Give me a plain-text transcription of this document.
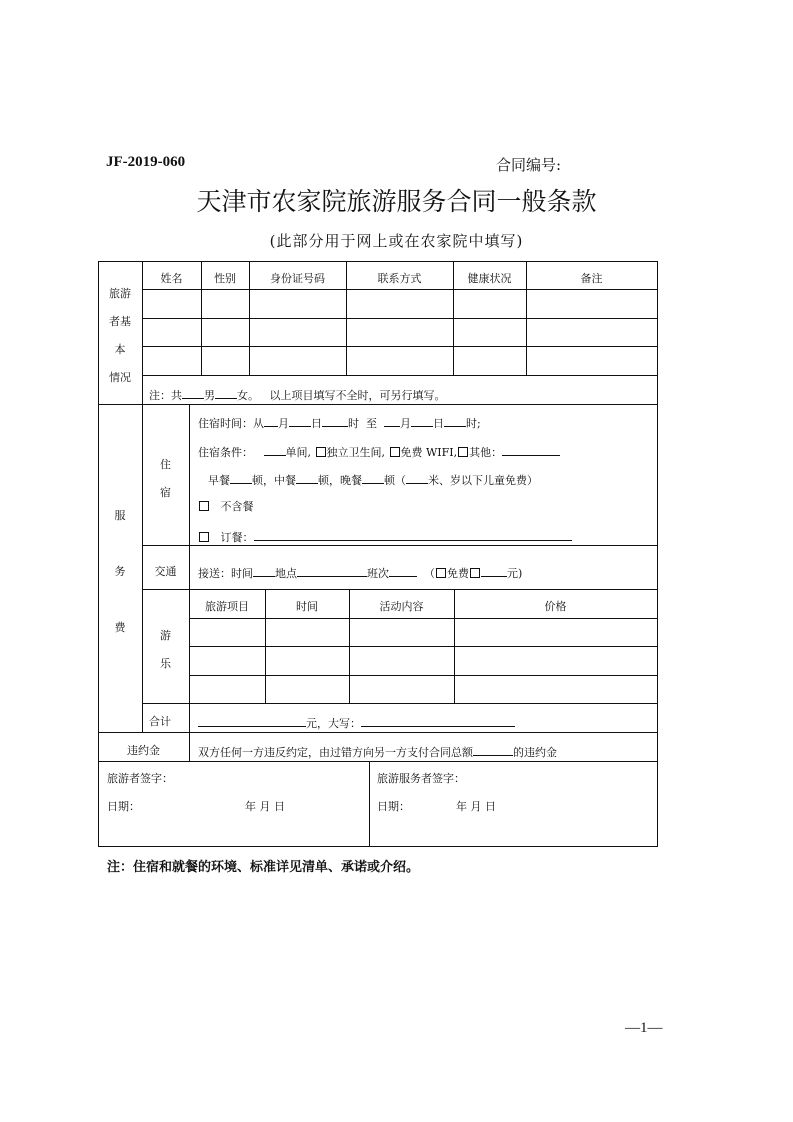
JF-2019-060	合同编号:
天津市农家院旅游服务合同一般条款
(此部分用于网上或在农家院中填写)
旅游
者基
本
情况
姓名	性别	身份证号码	联系方式	健康状况	备注
注：共 男 女。 以上项目填写不全时，可另行填写。
服
务
费
住
宿
住宿时间：从 月 日 时 至 月 日 时;
住宿条件：	单间, 独立卫生间, 免费 WIFI, 其他：
早餐 顿，中餐 顿，晚餐 顿（ 米、岁以下儿童免费）
不含餐
订餐：
交通	接送：时间 地点	班次	（ 免费	元)
游
乐
旅游项目	时间	活动内容	价格
合计	元，大写：
违约金	双方任何一方违反约定，由过错方向另一方支付合同总额	的违约金
旅游者签字：
日期：	年 月 日
旅游服务者签字：
日期：	年 月 日
注：住宿和就餐的环境、标准详见清单、承诺或介绍。
—1—
